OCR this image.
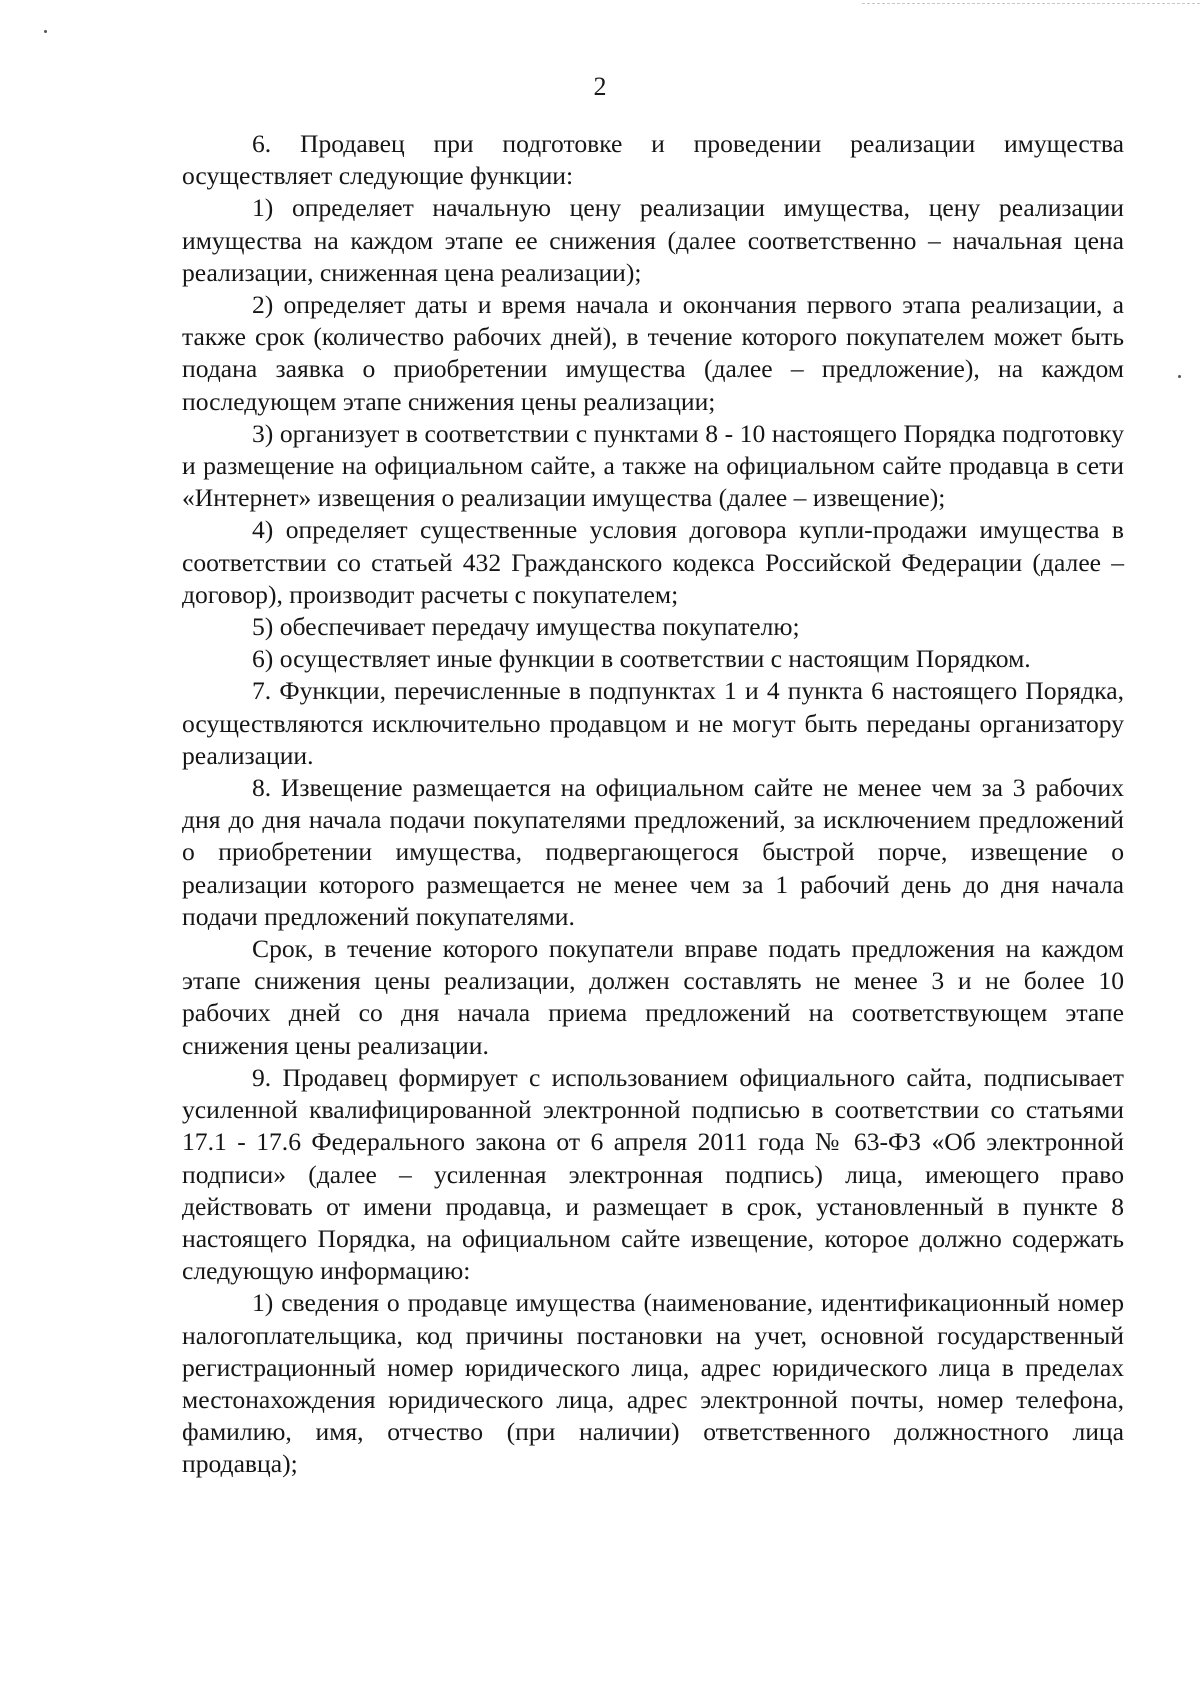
2

6. Продавец при подготовке и проведении реализации имущества осуществляет следующие функции:

1) определяет начальную цену реализации имущества, цену реализации имущества на каждом этапе ее снижения (далее соответственно – начальная цена реализации, сниженная цена реализации);

2) определяет даты и время начала и окончания первого этапа реализации, а также срок (количество рабочих дней), в течение которого покупателем может быть подана заявка о приобретении имущества (далее – предложение), на каждом последующем этапе снижения цены реализации;

3) организует в соответствии с пунктами 8 - 10 настоящего Порядка подготовку и размещение на официальном сайте, а также на официальном сайте продавца в сети «Интернет» извещения о реализации имущества (далее – извещение);

4) определяет существенные условия договора купли-продажи имущества в соответствии со статьей 432 Гражданского кодекса Российской Федерации (далее – договор), производит расчеты с покупателем;

5) обеспечивает передачу имущества покупателю;

6) осуществляет иные функции в соответствии с настоящим Порядком.

7. Функции, перечисленные в подпунктах 1 и 4 пункта 6 настоящего Порядка, осуществляются исключительно продавцом и не могут быть переданы организатору реализации.

8. Извещение размещается на официальном сайте не менее чем за 3 рабочих дня до дня начала подачи покупателями предложений, за исключением предложений о приобретении имущества, подвергающегося быстрой порче, извещение о реализации которого размещается не менее чем за 1 рабочий день до дня начала подачи предложений покупателями.

Срок, в течение которого покупатели вправе подать предложения на каждом этапе снижения цены реализации, должен составлять не менее 3 и не более 10 рабочих дней со дня начала приема предложений на соответствующем этапе снижения цены реализации.

9. Продавец формирует с использованием официального сайта, подписывает усиленной квалифицированной электронной подписью в соответствии со статьями 17.1 - 17.6 Федерального закона от 6 апреля 2011 года № 63-ФЗ «Об электронной подписи» (далее – усиленная электронная подпись) лица, имеющего право действовать от имени продавца, и размещает в срок, установленный в пункте 8 настоящего Порядка, на официальном сайте извещение, которое должно содержать следующую информацию:

1) сведения о продавце имущества (наименование, идентификационный номер налогоплательщика, код причины постановки на учет, основной государственный регистрационный номер юридического лица, адрес юридического лица в пределах местонахождения юридического лица, адрес электронной почты, номер телефона, фамилию, имя, отчество (при наличии) ответственного должностного лица продавца);
